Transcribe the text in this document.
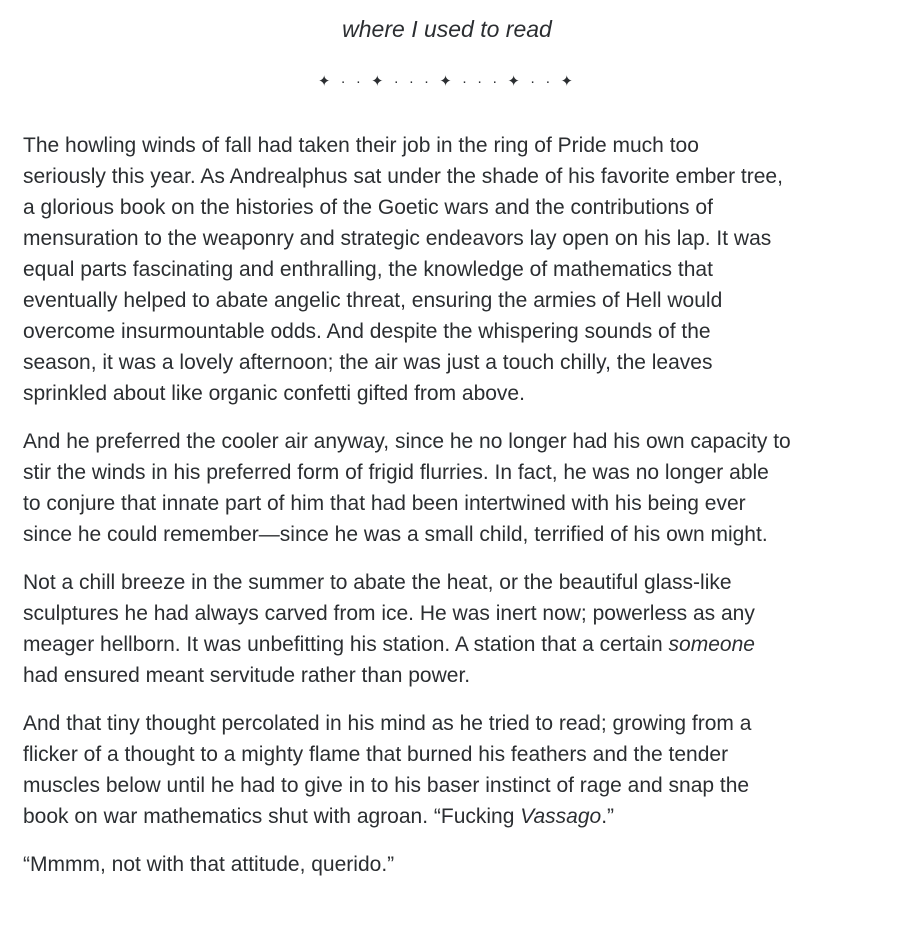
where I used to read
✦ · · ✦ · · · ✦ · · · ✦ · · ✦

The howling winds of fall had taken their job in the ring of Pride much too
seriously this year. As Andrealphus sat under the shade of his favorite ember tree,
a glorious book on the histories of the Goetic wars and the contributions of
mensuration to the weaponry and strategic endeavors lay open on his lap. It was
equal parts fascinating and enthralling, the knowledge of mathematics that
eventually helped to abate angelic threat, ensuring the armies of Hell would
overcome insurmountable odds. And despite the whispering sounds of the
season, it was a lovely afternoon; the air was just a touch chilly, the leaves
sprinkled about like organic confetti gifted from above.

And he preferred the cooler air anyway, since he no longer had his own capacity to
stir the winds in his preferred form of frigid flurries. In fact, he was no longer able
to conjure that innate part of him that had been intertwined with his being ever
since he could remember—since he was a small child, terrified of his own might.

Not a chill breeze in the summer to abate the heat, or the beautiful glass-like
sculptures he had always carved from ice. He was inert now; powerless as any
meager hellborn. It was unbefitting his station. A station that a certain someone
had ensured meant servitude rather than power.

And that tiny thought percolated in his mind as he tried to read; growing from a
flicker of a thought to a mighty flame that burned his feathers and the tender
muscles below until he had to give in to his baser instinct of rage and snap the
book on war mathematics shut with agroan. “Fucking Vassago.”

“Mmmm, not with that attitude, querido.”
